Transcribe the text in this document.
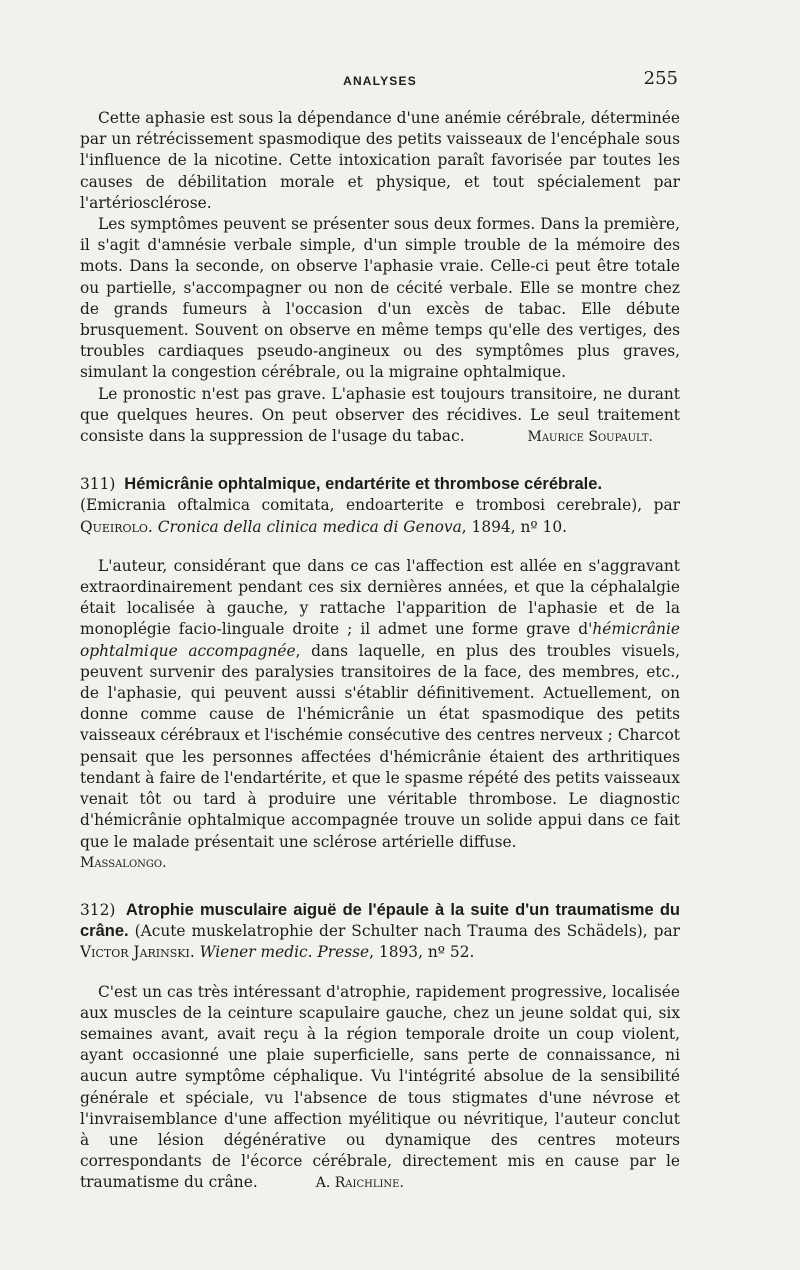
ANALYSES	255

Cette aphasie est sous la dépendance d'une anémie cérébrale, déterminée par un rétrécissement spasmodique des petits vaisseaux de l'encéphale sous l'influence de la nicotine. Cette intoxication paraît favorisée par toutes les causes de débilitation morale et physique, et tout spécialement par l'artériosclérose.

Les symptômes peuvent se présenter sous deux formes. Dans la première, il s'agit d'amnésie verbale simple, d'un simple trouble de la mémoire des mots. Dans la seconde, on observe l'aphasie vraie. Celle-ci peut être totale ou partielle, s'accompagner ou non de cécité verbale. Elle se montre chez de grands fumeurs à l'occasion d'un excès de tabac. Elle débute brusquement. Souvent on observe en même temps qu'elle des vertiges, des troubles cardiaques pseudo-angineux ou des symptômes plus graves, simulant la congestion cérébrale, ou la migraine ophtalmique.

Le pronostic n'est pas grave. L'aphasie est toujours transitoire, ne durant que quelques heures. On peut observer des récidives. Le seul traitement consiste dans la suppression de l'usage du tabac.	Maurice Soupault.

311) Hémicrânie ophtalmique, endartérite et thrombose cérébrale.

(Emicrania oftalmica comitata, endoarterite e trombosi cerebrale), par Queirolo. Cronica della clinica medica di Genova, 1894, nº 10.

L'auteur, considérant que dans ce cas l'affection est allée en s'aggravant extraordinairement pendant ces six dernières années, et que la céphalalgie était localisée à gauche, y rattache l'apparition de l'aphasie et de la monoplégie facio-linguale droite ; il admet une forme grave d'hémicrânie ophtalmique accompagnée, dans laquelle, en plus des troubles visuels, peuvent survenir des paralysies transitoires de la face, des membres, etc., de l'aphasie, qui peuvent aussi s'établir définitivement. Actuellement, on donne comme cause de l'hémicrânie un état spasmodique des petits vaisseaux cérébraux et l'ischémie consécutive des centres nerveux ; Charcot pensait que les personnes affectées d'hémicrânie étaient des arthritiques tendant à faire de l'endartérite, et que le spasme répété des petits vaisseaux venait tôt ou tard à produire une véritable thrombose. Le diagnostic d'hémicrânie ophtalmique accompagnée trouve un solide appui dans ce fait que le malade présentait une sclérose artérielle diffuse.

Massalongo.

312) Atrophie musculaire aiguë de l'épaule à la suite d'un traumatisme du crâne. (Acute muskelatrophie der Schulter nach Trauma des Schädels), par Victor Jarinski. Wiener medic. Presse, 1893, nº 52.

C'est un cas très intéressant d'atrophie, rapidement progressive, localisée aux muscles de la ceinture scapulaire gauche, chez un jeune soldat qui, six semaines avant, avait reçu à la région temporale droite un coup violent, ayant occasionné une plaie superficielle, sans perte de connaissance, ni aucun autre symptôme céphalique. Vu l'intégrité absolue de la sensibilité générale et spéciale, vu l'absence de tous stigmates d'une névrose et l'invraisemblance d'une affection myélitique ou névritique, l'auteur conclut à une lésion dégénérative ou dynamique des centres moteurs correspondants de l'écorce cérébrale, directement mis en cause par le traumatisme du crâne.	A. Raichline.
